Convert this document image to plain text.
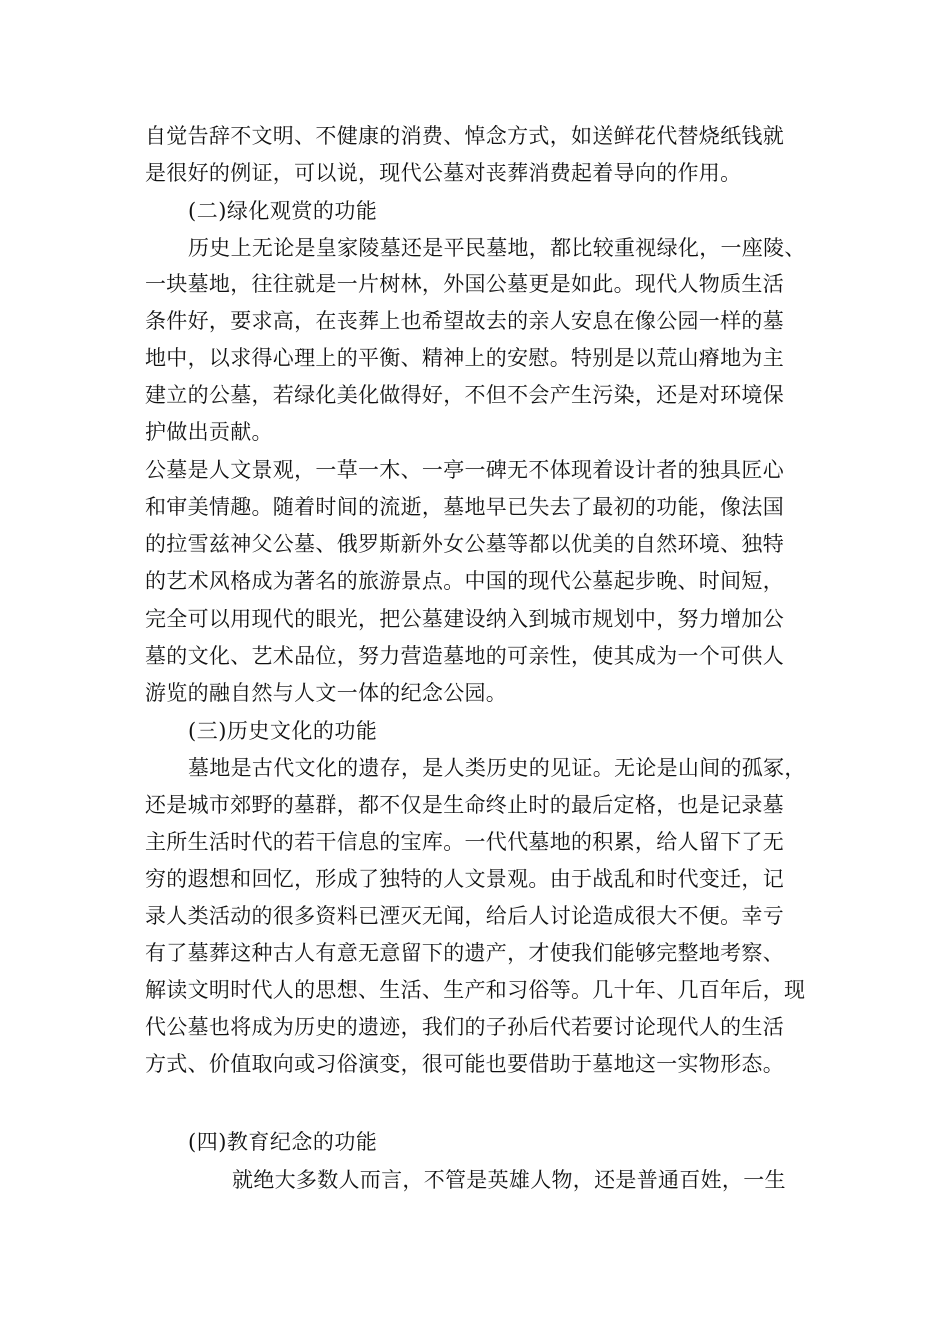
自觉告辞不文明、不健康的消费、悼念方式，如送鲜花代替烧纸钱就
是很好的例证，可以说，现代公墓对丧葬消费起着导向的作用。
(二)绿化观赏的功能
历史上无论是皇家陵墓还是平民墓地，都比较重视绿化，一座陵、
一块墓地，往往就是一片树林，外国公墓更是如此。现代人物质生活
条件好，要求高，在丧葬上也希望故去的亲人安息在像公园一样的墓
地中，以求得心理上的平衡、精神上的安慰。特别是以荒山瘠地为主
建立的公墓，若绿化美化做得好，不但不会产生污染，还是对环境保
护做出贡献。
公墓是人文景观，一草一木、一亭一碑无不体现着设计者的独具匠心
和审美情趣。随着时间的流逝，墓地早已失去了最初的功能，像法国
的拉雪兹神父公墓、俄罗斯新外女公墓等都以优美的自然环境、独特
的艺术风格成为著名的旅游景点。中国的现代公墓起步晚、时间短，
完全可以用现代的眼光，把公墓建设纳入到城市规划中，努力增加公
墓的文化、艺术品位，努力营造墓地的可亲性，使其成为一个可供人
游览的融自然与人文一体的纪念公园。
(三)历史文化的功能
墓地是古代文化的遗存，是人类历史的见证。无论是山间的孤冢，
还是城市郊野的墓群，都不仅是生命终止时的最后定格，也是记录墓
主所生活时代的若干信息的宝库。一代代墓地的积累，给人留下了无
穷的遐想和回忆，形成了独特的人文景观。由于战乱和时代变迁，记
录人类活动的很多资料已湮灭无闻，给后人讨论造成很大不便。幸亏
有了墓葬这种古人有意无意留下的遗产，才使我们能够完整地考察、
解读文明时代人的思想、生活、生产和习俗等。几十年、几百年后，现
代公墓也将成为历史的遗迹，我们的子孙后代若要讨论现代人的生活
方式、价值取向或习俗演变，很可能也要借助于墓地这一实物形态。
(四)教育纪念的功能
就绝大多数人而言，不管是英雄人物，还是普通百姓，一生
